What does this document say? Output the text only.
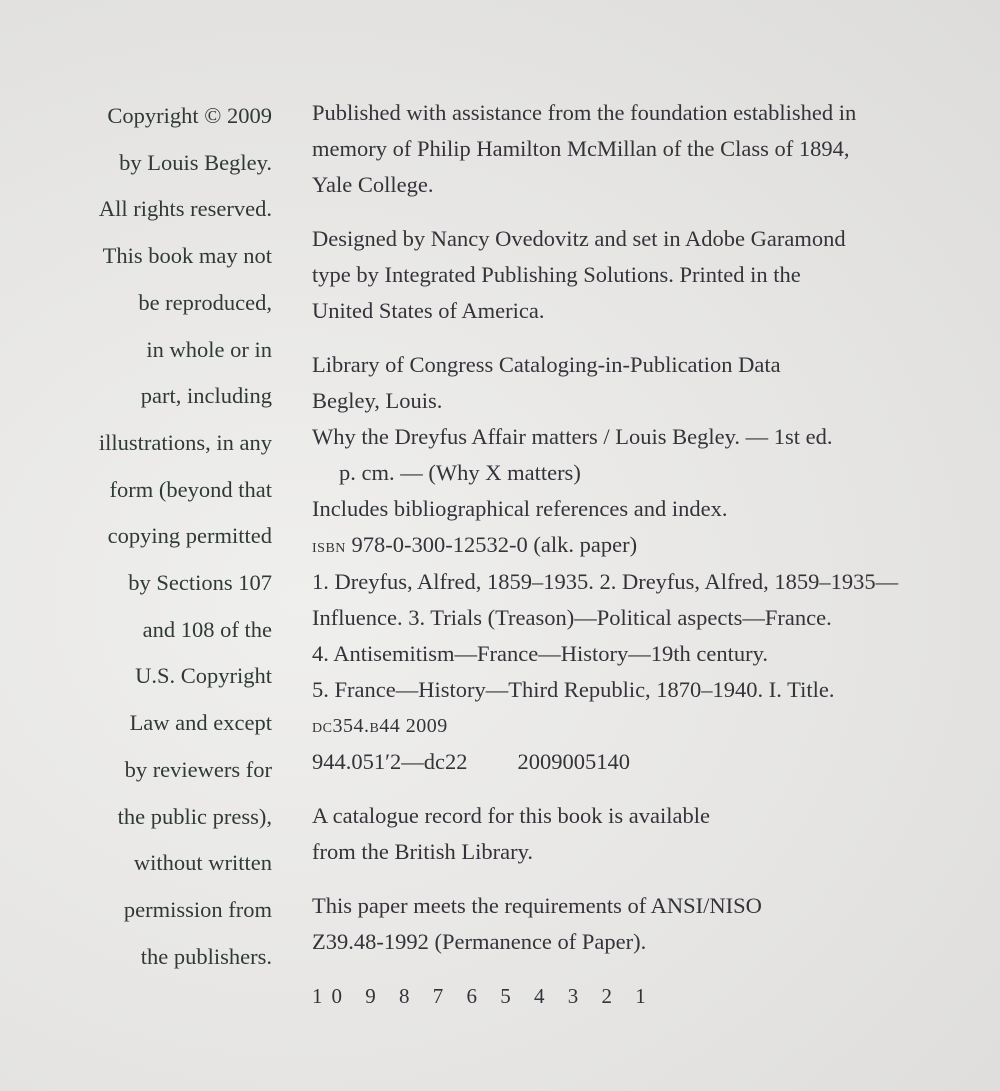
Copyright © 2009
by Louis Begley.
All rights reserved.
This book may not
be reproduced,
in whole or in
part, including
illustrations, in any
form (beyond that
copying permitted
by Sections 107
and 108 of the
U.S. Copyright
Law and except
by reviewers for
the public press),
without written
permission from
the publishers.
Published with assistance from the foundation established in
memory of Philip Hamilton McMillan of the Class of 1894,
Yale College.
Designed by Nancy Ovedovitz and set in Adobe Garamond
type by Integrated Publishing Solutions. Printed in the
United States of America.
Library of Congress Cataloging-in-Publication Data
Begley, Louis.
Why the Dreyfus Affair matters / Louis Begley. — 1st ed.
p. cm. — (Why X matters)
Includes bibliographical references and index.
isbn 978-0-300-12532-0 (alk. paper)
1. Dreyfus, Alfred, 1859–1935. 2. Dreyfus, Alfred, 1859–1935—
Influence. 3. Trials (Treason)—Political aspects—France.
4. Antisemitism—France—History—19th century.
5. France—History—Third Republic, 1870–1940. I. Title.
dc354.b44 2009
944.051′2—dc22 2009005140
A catalogue record for this book is available
from the British Library.
This paper meets the requirements of ANSI/NISO
Z39.48-1992 (Permanence of Paper).
10 9 8 7 6 5 4 3 2 1
